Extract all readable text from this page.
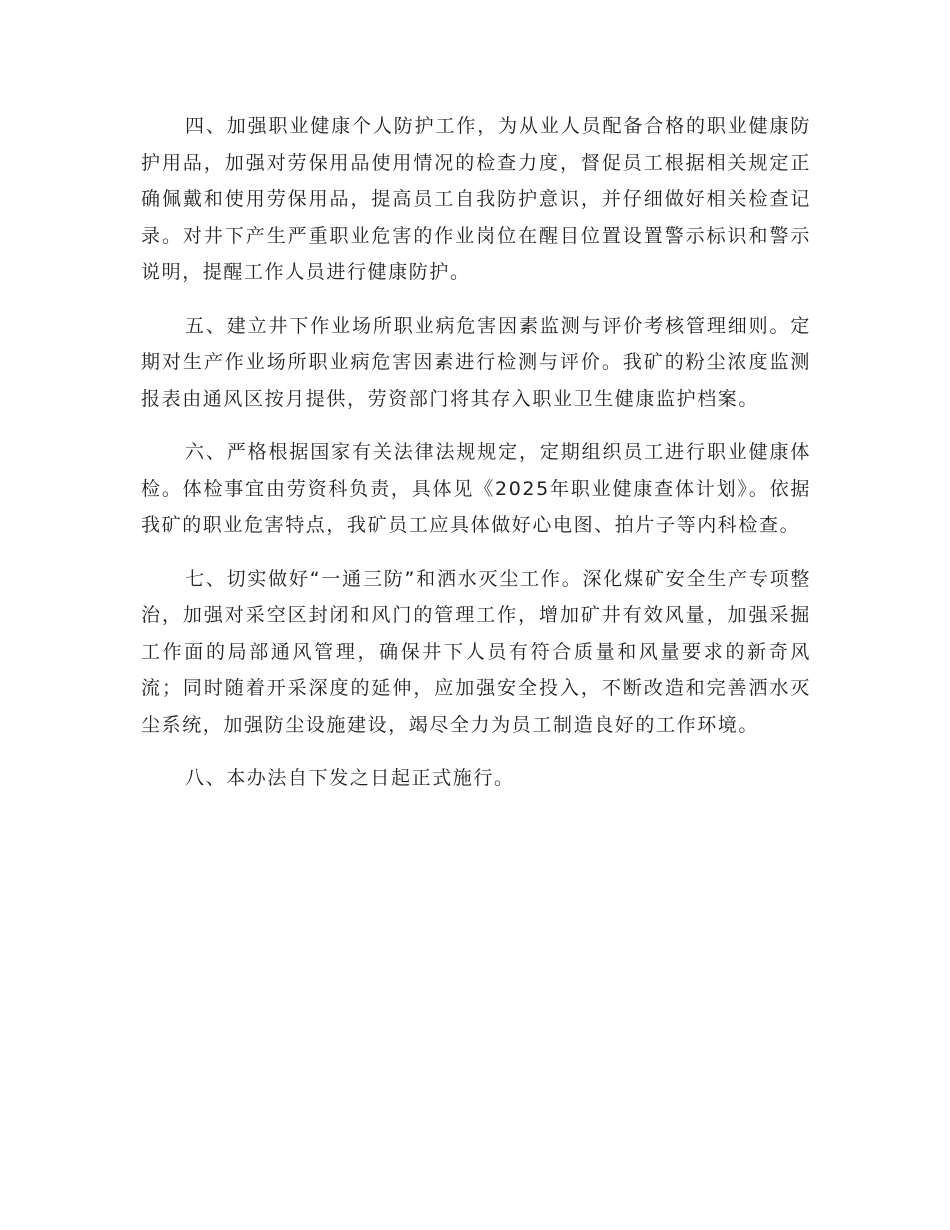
四、加强职业健康个人防护工作，为从业人员配备合格的职业健康防护用品，加强对劳保用品使用情况的检查力度，督促员工根据相关规定正确佩戴和使用劳保用品，提高员工自我防护意识，并仔细做好相关检查记录。对井下产生严重职业危害的作业岗位在醒目位置设置警示标识和警示说明，提醒工作人员进行健康防护。

五、建立井下作业场所职业病危害因素监测与评价考核管理细则。定期对生产作业场所职业病危害因素进行检测与评价。我矿的粉尘浓度监测报表由通风区按月提供，劳资部门将其存入职业卫生健康监护档案。

六、严格根据国家有关法律法规规定，定期组织员工进行职业健康体检。体检事宜由劳资科负责，具体见《2025年职业健康查体计划》。依据我矿的职业危害特点，我矿员工应具体做好心电图、拍片子等内科检查。

七、切实做好“一通三防”和洒水灭尘工作。深化煤矿安全生产专项整治，加强对采空区封闭和风门的管理工作，增加矿井有效风量，加强采掘工作面的局部通风管理，确保井下人员有符合质量和风量要求的新奇风流；同时随着开采深度的延伸，应加强安全投入，不断改造和完善洒水灭尘系统，加强防尘设施建设，竭尽全力为员工制造良好的工作环境。

八、本办法自下发之日起正式施行。
